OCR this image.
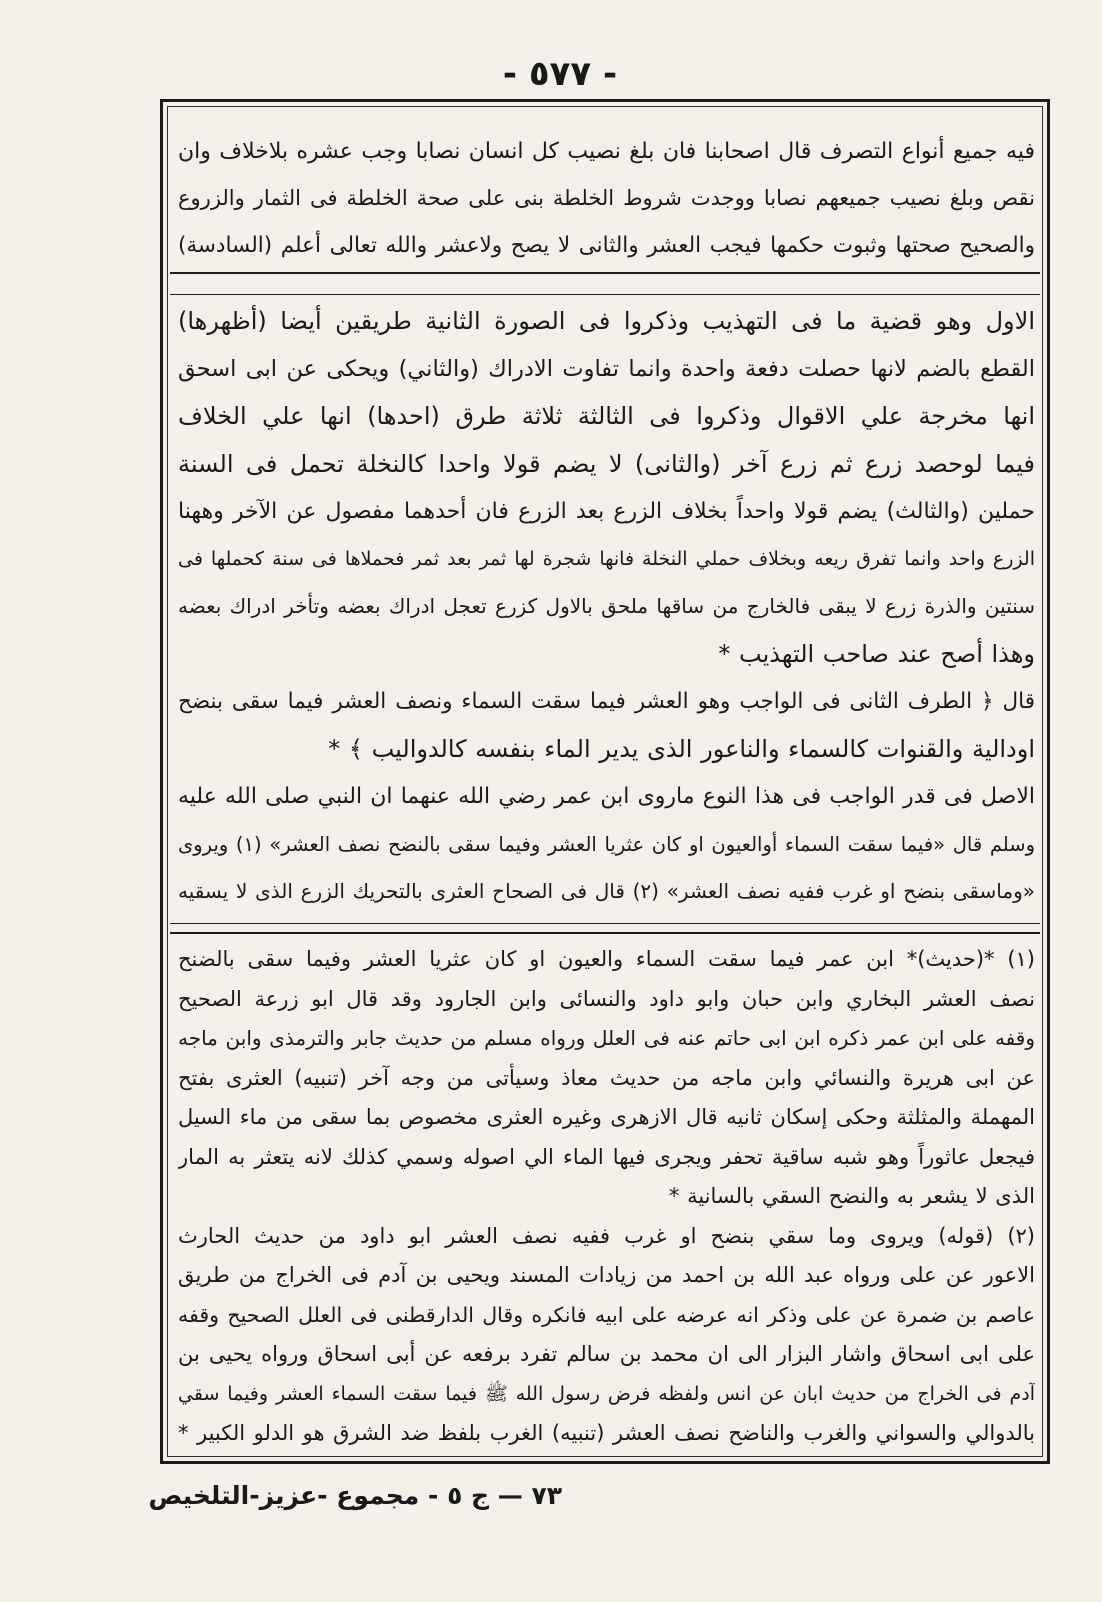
- ٥٧٧ -
فيه جميع أنواع التصرف قال اصحابنا فان بلغ نصيب كل انسان نصابا وجب عشره بلاخلاف وان
نقص وبلغ نصيب جميعهم نصابا ووجدت شروط الخلطة بنى على صحة الخلطة فى الثمار والزروع
والصحيح صحتها وثبوت حكمها فيجب العشر والثانى لا يصح ولاعشر والله تعالى أعلم (السادسة)
الاول وهو قضية ما فى التهذيب وذكروا فى الصورة الثانية طريقين أيضا (أظهرها)
القطع بالضم لانها حصلت دفعة واحدة وانما تفاوت الادراك (والثاني) ويحكى عن ابى اسحق
انها مخرجة علي الاقوال وذكروا فى الثالثة ثلاثة طرق (احدها) انها علي الخلاف
فيما لوحصد زرع ثم زرع آخر (والثانى) لا يضم قولا واحدا كالنخلة تحمل فى السنة
حملين (والثالث) يضم قولا واحداً بخلاف الزرع بعد الزرع فان أحدهما مفصول عن الآخر وههنا
الزرع واحد وانما تفرق ريعه وبخلاف حملي النخلة فانها شجرة لها ثمر بعد ثمر فحملاها فى سنة كحملها فى
سنتين والذرة زرع لا يبقى فالخارج من ساقها ملحق بالاول كزرع تعجل ادراك بعضه وتأخر ادراك بعضه
وهذا أصح عند صاحب التهذيب *
قال ﴿ الطرف الثانى فى الواجب وهو العشر فيما سقت السماء ونصف العشر فيما سقى بنضح
اودالية والقنوات كالسماء والناعور الذى يدير الماء بنفسه كالدواليب ﴾ *
الاصل فى قدر الواجب فى هذا النوع ماروى ابن عمر رضي الله عنهما ان النبي صلى الله عليه
وسلم قال «فيما سقت السماء أوالعيون او كان عثريا العشر وفيما سقى بالنضح نصف العشر» (١) ويروى
«وماسقى بنضح او غرب ففيه نصف العشر» (٢) قال فى الصحاح العثرى بالتحريك الزرع الذى لا يسقيه
(١) *(حديث)* ابن عمر فيما سقت السماء والعيون او كان عثريا العشر وفيما سقى بالضنح
نصف العشر البخاري وابن حبان وابو داود والنسائى وابن الجارود وقد قال ابو زرعة الصحيح
وقفه على ابن عمر ذكره ابن ابى حاتم عنه فى العلل ورواه مسلم من حديث جابر والترمذى وابن ماجه
عن ابى هريرة والنسائي وابن ماجه من حديث معاذ وسيأتى من وجه آخر (تنبيه) العثرى بفتح
المهملة والمثلثة وحكى إسكان ثانيه قال الازهرى وغيره العثرى مخصوص بما سقى من ماء السيل
فيجعل عاثوراً وهو شبه ساقية تحفر ويجرى فيها الماء الي اصوله وسمي كذلك لانه يتعثر به المار
الذى لا يشعر به والنضح السقي بالسانية *
(٢) (قوله) ويروى وما سقي بنضح او غرب ففيه نصف العشر ابو داود من حديث الحارث
الاعور عن على ورواه عبد الله بن احمد من زيادات المسند ويحيى بن آدم فى الخراج من طريق
عاصم بن ضمرة عن على وذكر انه عرضه على ابيه فانكره وقال الدارقطنى فى العلل الصحيح وقفه
على ابى اسحاق واشار البزار الى ان محمد بن سالم تفرد برفعه عن أبى اسحاق ورواه يحيى بن
آدم فى الخراج من حديث ابان عن انس ولفظه فرض رسول الله ﷺ فيما سقت السماء العشر وفيما سقي
بالدوالي والسواني والغرب والناضح نصف العشر (تنبيه) الغرب بلفظ ضد الشرق هو الدلو الكبير *
٧٣ — ج ٥ - مجموع -عزيز-التلخيص
